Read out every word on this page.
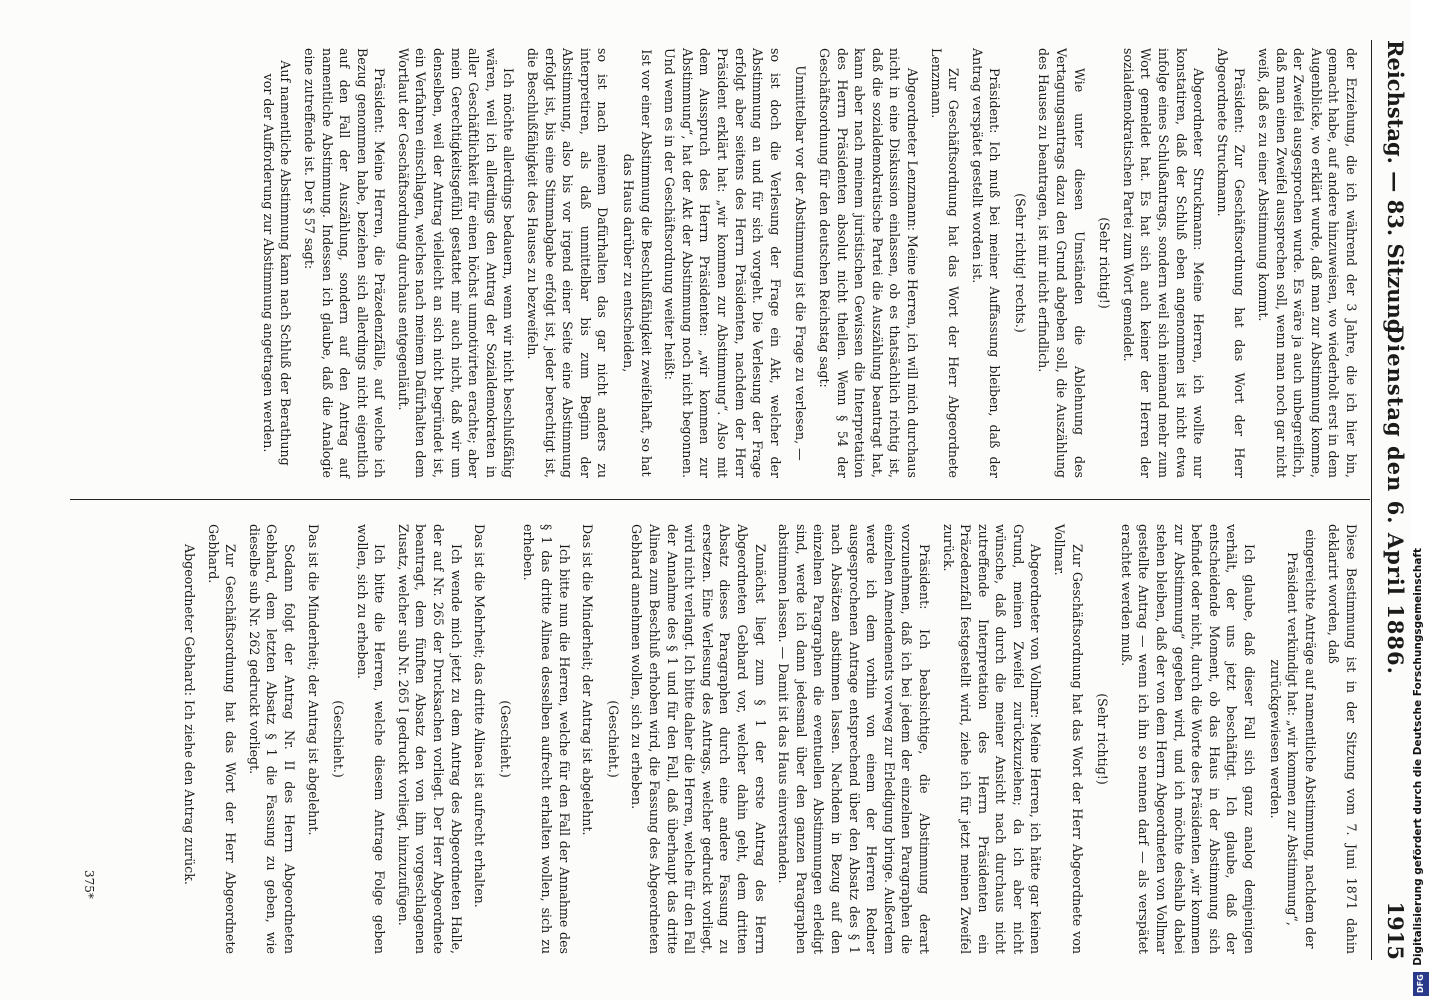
Reichstag. — 83. Sitzung.
Dienstag den 6. April 1886.
1915

der Erziehung, die ich während der 3 Jahre, die ich hier bin, gemacht habe, auf andere hinzuweisen, wo wiederholt erst in dem Augenblicke, wo erklärt wurde, daß man zur Abstimmung komme, der Zweifel ausgesprochen wurde. Es wäre ja auch unbegreiflich, daß man einen Zweifel aussprechen soll, wenn man noch gar nicht weiß, daß es zu einer Abstimmung kommt.

Präsident: Zur Geschäftsordnung hat das Wort der Herr Abgeordnete Struckmann.

Abgeordneter Struckmann: Meine Herren, ich wollte nur konstatiren, daß der Schluß eben angenommen ist nicht etwa infolge eines Schlußantrags, sondern weil sich niemand mehr zum Wort gemeldet hat. Es hat sich auch keiner der Herren der sozialdemokratischen Partei zum Wort gemeldet.

(Sehr richtig!)

Wie unter diesen Umständen die Ablehnung des Vertagungsantrags dazu den Grund abgeben soll, die Auszählung des Hauses zu beantragen, ist mir nicht erfindlich.

(Sehr richtig! rechts.)

Präsident: Ich muß bei meiner Auffassung bleiben, daß der Antrag verspätet gestellt worden ist.

Zur Geschäftsordnung hat das Wort der Herr Abgeordnete Lenzmann.

Abgeordneter Lenzmann: Meine Herren, ich will mich durchaus nicht in eine Diskussion einlassen, ob es thatsächlich richtig ist, daß die sozialdemokratische Partei die Auszählung beantragt hat, kann aber nach meinem juristischen Gewissen die Interpretation des Herrn Präsidenten absolut nicht theilen. Wenn § 54 der Geschäftsordnung für den deutschen Reichstag sagt:

Unmittelbar vor der Abstimmung ist die Frage zu verlesen, —

so ist doch die Verlesung der Frage ein Akt, welcher der Abstimmung an und für sich vorgeht. Die Verlesung der Frage erfolgt aber seitens des Herrn Präsidenten, nachdem der Herr Präsident erklärt hat: „wir kommen zur Abstimmung“. Also mit dem Ausspruch des Herrn Präsidenten: „wir kommen zur Abstimmung“, hat der Akt der Abstimmung noch nicht begonnen. Und wenn es in der Geschäftsordnung weiter heißt:

Ist vor einer Abstimmung die Beschlußfähigkeit zweifelhaft, so hat das Haus darüber zu entscheiden,

so ist nach meinem Dafürhalten das gar nicht anders zu interpretiren, als daß unmittelbar bis zum Beginn der Abstimmung, also bis vor irgend einer Seite eine Abstimmung erfolgt ist, bis eine Stimmabgabe erfolgt ist, jeder berechtigt ist, die Beschlußfähigkeit des Hauses zu bezweifeln.

Ich möchte allerdings bedauern, wenn wir nicht beschlußfähig wären, weil ich allerdings den Antrag der Sozialdemokraten in aller Geschäftlichkeit für einen höchst unmotivirten erachte; aber mein Gerechtigkeitsgefühl gestattet mir auch nicht, daß wir um denselben, weil der Antrag vielleicht an sich nicht begründet ist, ein Verfahren einschlagen, welches nach meinem Dafürhalten dem Wortlaut der Geschäftsordnung durchaus entgegenläuft.

Präsident: Meine Herren, die Präzedenzfälle, auf welche ich Bezug genommen habe, beziehen sich allerdings nicht eigentlich auf den Fall der Auszählung, sondern auf den Antrag auf namentliche Abstimmung. Indessen ich glaube, daß die Analogie eine zutreffende ist. Der § 57 sagt:

Auf namentliche Abstimmung kann nach Schluß der Berathung vor der Aufforderung zur Abstimmung angetragen werden.

Diese Bestimmung ist in der Sitzung vom 7. Juni 1871 dahin deklarirt worden, daß

eingereichte Anträge auf namentliche Abstimmung, nachdem der Präsident verkündigt hat: „wir kommen zur Abstimmung“, zurückgewiesen werden.

Ich glaube, daß dieser Fall sich ganz analog demjenigen verhält, der uns jetzt beschäftigt. Ich glaube, daß der entscheidende Moment, ob das Haus in der Abstimmung sich befindet oder nicht, durch die Worte des Präsidenten „wir kommen zur Abstimmung“ gegeben wird, und ich möchte deshalb dabei stehen bleiben, daß der von dem Herrn Abgeordneten von Vollmar gestellte Antrag — wenn ich ihn so nennen darf — als verspätet erachtet werden muß.

(Sehr richtig!)

Zur Geschäftsordnung hat das Wort der Herr Abgeordnete von Vollmar.

Abgeordneter von Vollmar: Meine Herren, ich hätte gar keinen Grund, meinen Zweifel zurückzuziehen; da ich aber nicht wünsche, daß durch die meiner Ansicht nach durchaus nicht zutreffende Interpretation des Herrn Präsidenten ein Präzedenzfall festgestellt wird, ziehe ich für jetzt meinen Zweifel zurück.

Präsident: Ich beabsichtige, die Abstimmung derart vorzunehmen, daß ich bei jedem der einzelnen Paragraphen die einzelnen Amendements vorweg zur Erledigung bringe. Außerdem werde ich dem vorhin von einem der Herren Redner ausgesprochenen Antrage entsprechend über den Absatz des § 1 nach Absätzen abstimmen lassen. Nachdem in Bezug auf den einzelnen Paragraphen die eventuellen Abstimmungen erledigt sind, werde ich dann jedesmal über den ganzen Paragraphen abstimmen lassen. — Damit ist das Haus einverstanden.

Zunächst liegt zum § 1 der erste Antrag des Herrn Abgeordneten Gebhard vor, welcher dahin geht, dem dritten Absatz dieses Paragraphen durch eine andere Fassung zu ersetzen. Eine Verlesung des Antrags, welcher gedruckt vorliegt, wird nicht verlangt. Ich bitte daher die Herren, welche für den Fall der Annahme des § 1 und für den Fall, daß überhaupt das dritte Alinea zum Beschluß erhoben wird, die Fassung des Abgeordneten Gebhard annehmen wollen, sich zu erheben.

(Geschieht.)

Das ist die Minderheit; der Antrag ist abgelehnt.

Ich bitte nun die Herren, welche für den Fall der Annahme des § 1 das dritte Alinea desselben aufrecht erhalten wollen, sich zu erheben.

(Geschieht.)

Das ist die Mehrheit; das dritte Alinea ist aufrecht erhalten.

Ich wende mich jetzt zu dem Antrag des Abgeordneten Halle, der auf Nr. 265 der Drucksachen vorliegt. Der Herr Abgeordnete beantragt, dem fünften Absatz den von ihm vorgeschlagenen Zusatz, welcher sub Nr. 265 I gedruckt vorliegt, hinzuzufügen.

Ich bitte die Herren, welche diesem Antrage Folge geben wollen, sich zu erheben.

(Geschieht.)

Das ist die Minderheit; der Antrag ist abgelehnt.

Sodann folgt der Antrag Nr. II des Herrn Abgeordneten Gebhard, dem letzten Absatz § 1 die Fassung zu geben, wie dieselbe sub Nr. 262 gedruckt vorliegt.

Zur Geschäftsordnung hat das Wort der Herr Abgeordnete Gebhard.

Abgeordneter Gebhard: Ich ziehe den Antrag zurück.

375*	Digitalisierung gefördert durch die Deutsche Forschungsgemeinschaft
DFG
